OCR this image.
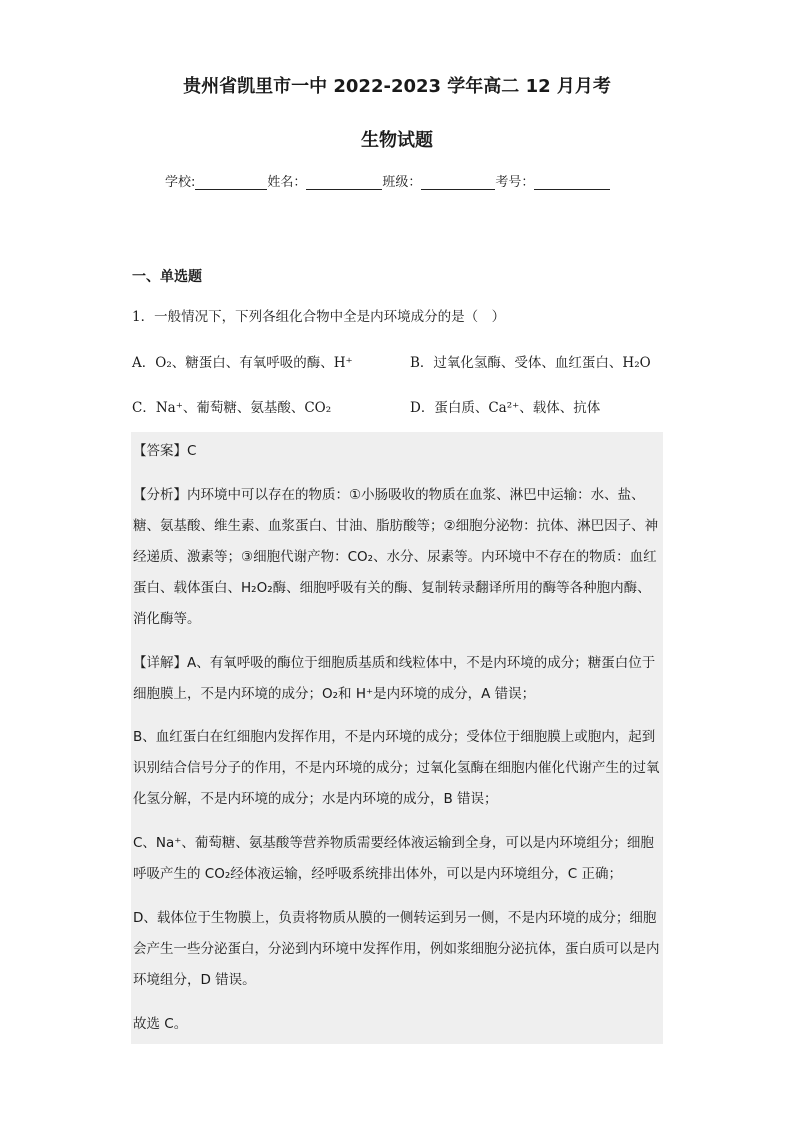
贵州省凯里市一中 2022-2023 学年高二 12 月月考
生物试题
学校:	姓名：	班级：	考号：
一、单选题
1．一般情况下，下列各组化合物中全是内环境成分的是（　）
A．O₂、糖蛋白、有氧呼吸的酶、H⁺	B．过氧化氢酶、受体、血红蛋白、H₂O
C．Na⁺、葡萄糖、氨基酸、CO₂	D．蛋白质、Ca²⁺、载体、抗体

【答案】C

【分析】内环境中可以存在的物质：①小肠吸收的物质在血浆、淋巴中运输：水、盐、糖、氨基酸、维生素、血浆蛋白、甘油、脂肪酸等；②细胞分泌物：抗体、淋巴因子、神经递质、激素等；③细胞代谢产物：CO₂、水分、尿素等。内环境中不存在的物质：血红蛋白、载体蛋白、H₂O₂酶、细胞呼吸有关的酶、复制转录翻译所用的酶等各种胞内酶、消化酶等。

【详解】A、有氧呼吸的酶位于细胞质基质和线粒体中，不是内环境的成分；糖蛋白位于细胞膜上，不是内环境的成分；O₂和 H⁺是内环境的成分，A 错误；

B、血红蛋白在红细胞内发挥作用，不是内环境的成分；受体位于细胞膜上或胞内，起到识别结合信号分子的作用，不是内环境的成分；过氧化氢酶在细胞内催化代谢产生的过氧化氢分解，不是内环境的成分；水是内环境的成分，B 错误；

C、Na⁺、葡萄糖、氨基酸等营养物质需要经体液运输到全身，可以是内环境组分；细胞呼吸产生的 CO₂经体液运输，经呼吸系统排出体外，可以是内环境组分，C 正确；

D、载体位于生物膜上，负责将物质从膜的一侧转运到另一侧，不是内环境的成分；细胞会产生一些分泌蛋白，分泌到内环境中发挥作用，例如浆细胞分泌抗体，蛋白质可以是内环境组分，D 错误。

故选 C。
